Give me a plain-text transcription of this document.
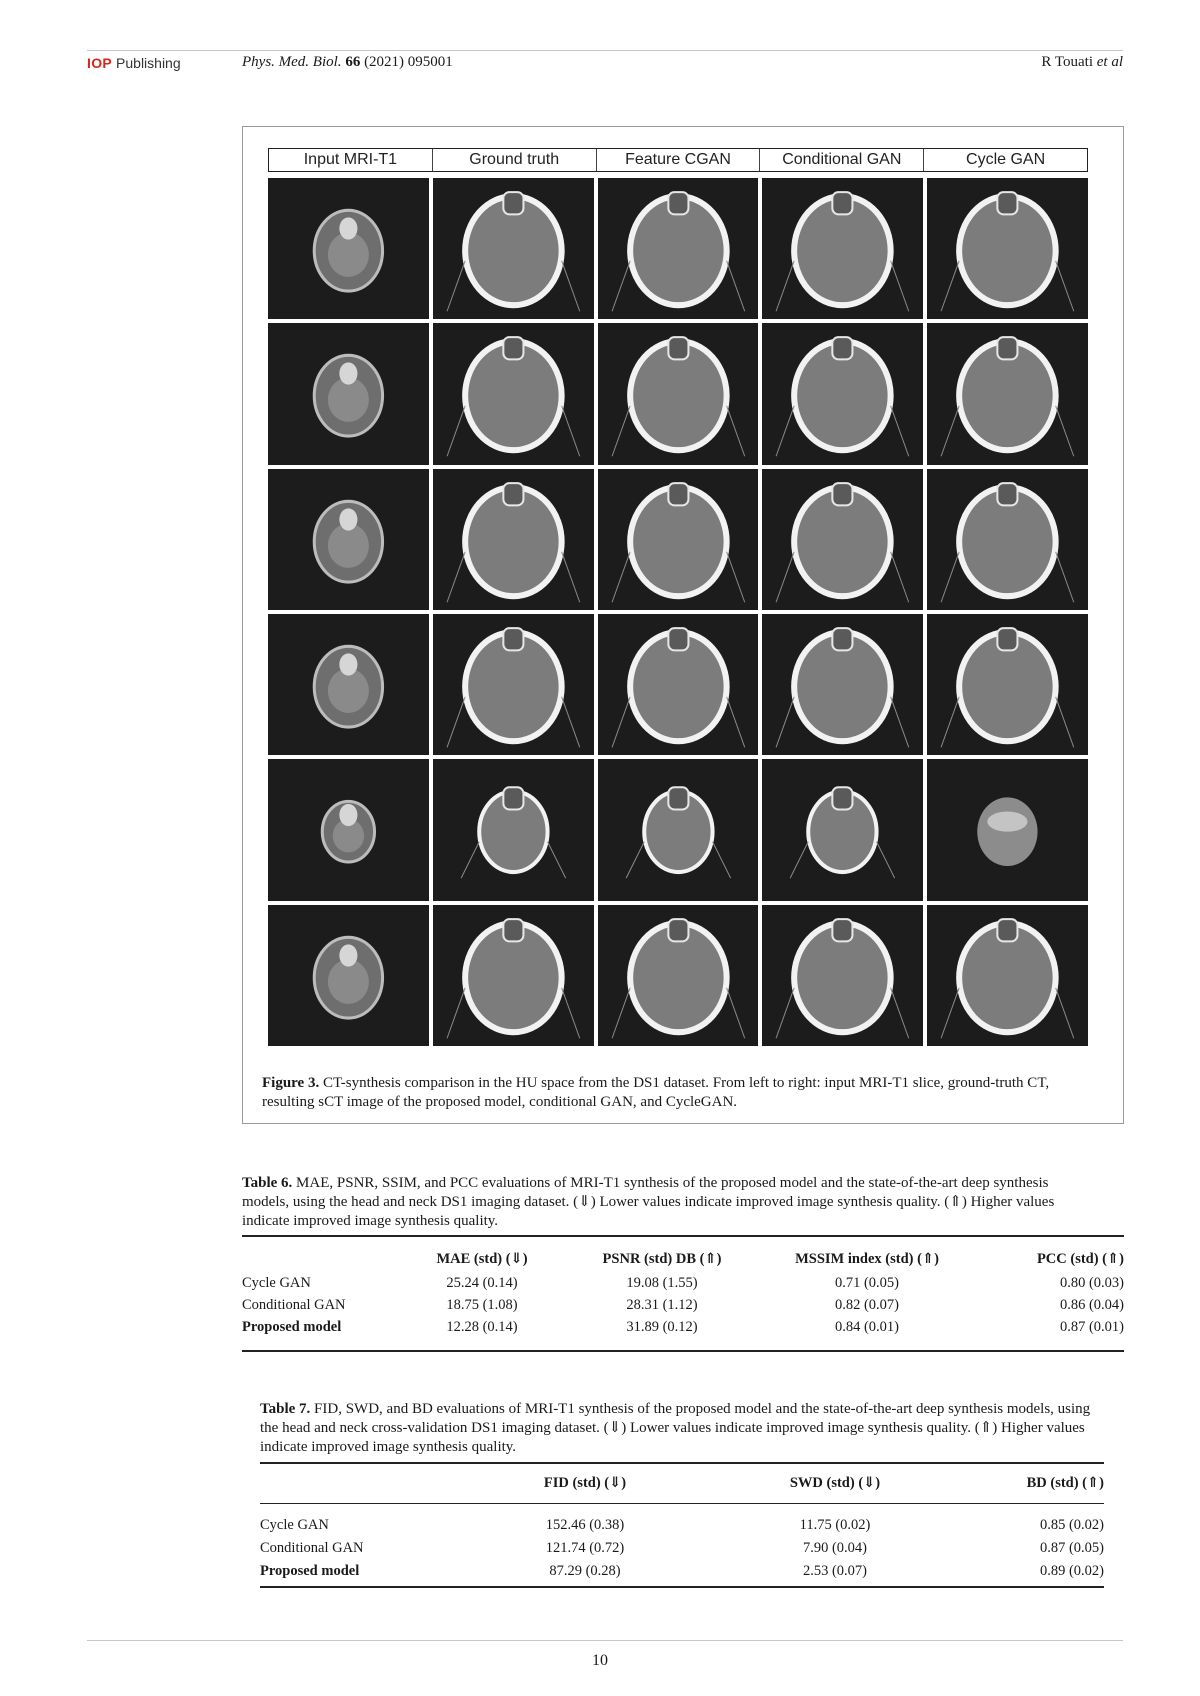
IOP Publishing	Phys. Med. Biol. 66 (2021) 095001	R Touati et al
Input MRI-T1	Ground truth	Feature CGAN	Conditional GAN	Cycle GAN
Figure 3. CT-synthesis comparison in the HU space from the DS1 dataset. From left to right: input MRI-T1 slice, ground-truth CT, resulting sCT image of the proposed model, conditional GAN, and CycleGAN.
Table 6. MAE, PSNR, SSIM, and PCC evaluations of MRI-T1 synthesis of the proposed model and the state-of-the-art deep synthesis models, using the head and neck DS1 imaging dataset. (⇓) Lower values indicate improved image synthesis quality. (⇑) Higher values indicate improved image synthesis quality.
	MAE (std) (⇓)	PSNR (std) DB (⇑)	MSSIM index (std) (⇑)	PCC (std) (⇑)
Cycle GAN	25.24 (0.14)	19.08 (1.55)	0.71 (0.05)	0.80 (0.03)
Conditional GAN	18.75 (1.08)	28.31 (1.12)	0.82 (0.07)	0.86 (0.04)
Proposed model	12.28 (0.14)	31.89 (0.12)	0.84 (0.01)	0.87 (0.01)
Table 7. FID, SWD, and BD evaluations of MRI-T1 synthesis of the proposed model and the state-of-the-art deep synthesis models, using the head and neck cross-validation DS1 imaging dataset. (⇓) Lower values indicate improved image synthesis quality. (⇑) Higher values indicate improved image synthesis quality.
	FID (std) (⇓)	SWD (std) (⇓)	BD (std) (⇑)
Cycle GAN	152.46 (0.38)	11.75 (0.02)	0.85 (0.02)
Conditional GAN	121.74 (0.72)	7.90 (0.04)	0.87 (0.05)
Proposed model	87.29 (0.28)	2.53 (0.07)	0.89 (0.02)
10
